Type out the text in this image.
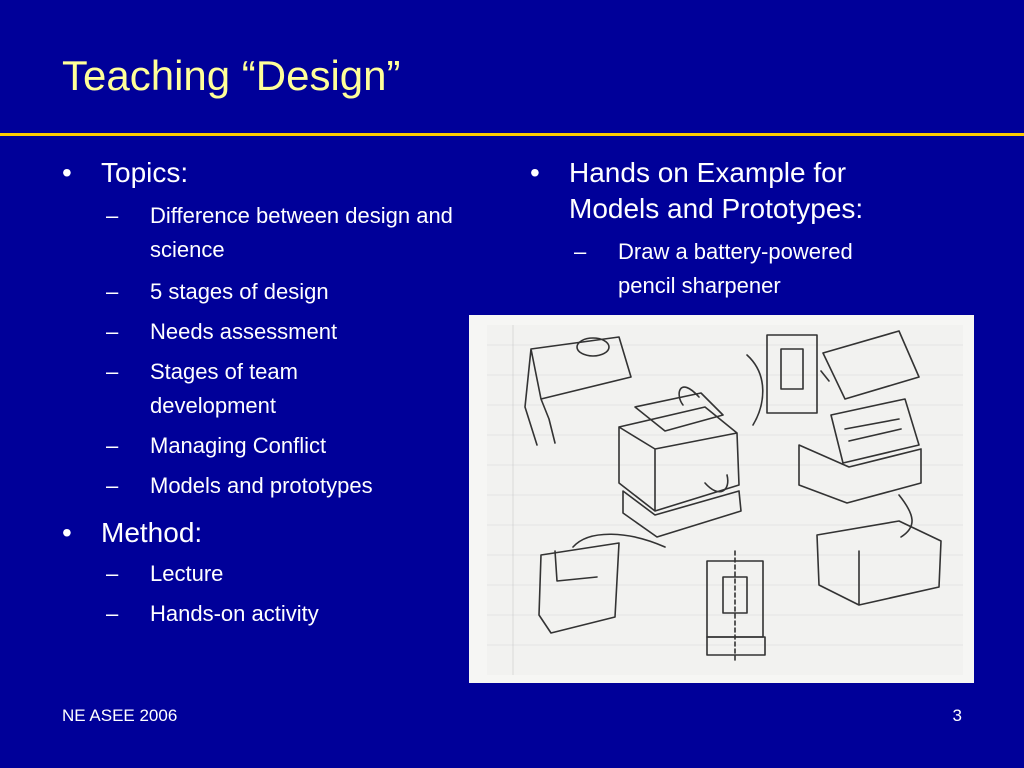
Teaching “Design”
• Topics:
– Difference between design and science
– 5 stages of design
– Needs assessment
– Stages of team development
– Managing Conflict
– Models and prototypes
• Method:
– Lecture
– Hands-on activity
• Hands on Example for Models and Prototypes:
– Draw a battery-powered pencil sharpener
NE ASEE 2006	3
